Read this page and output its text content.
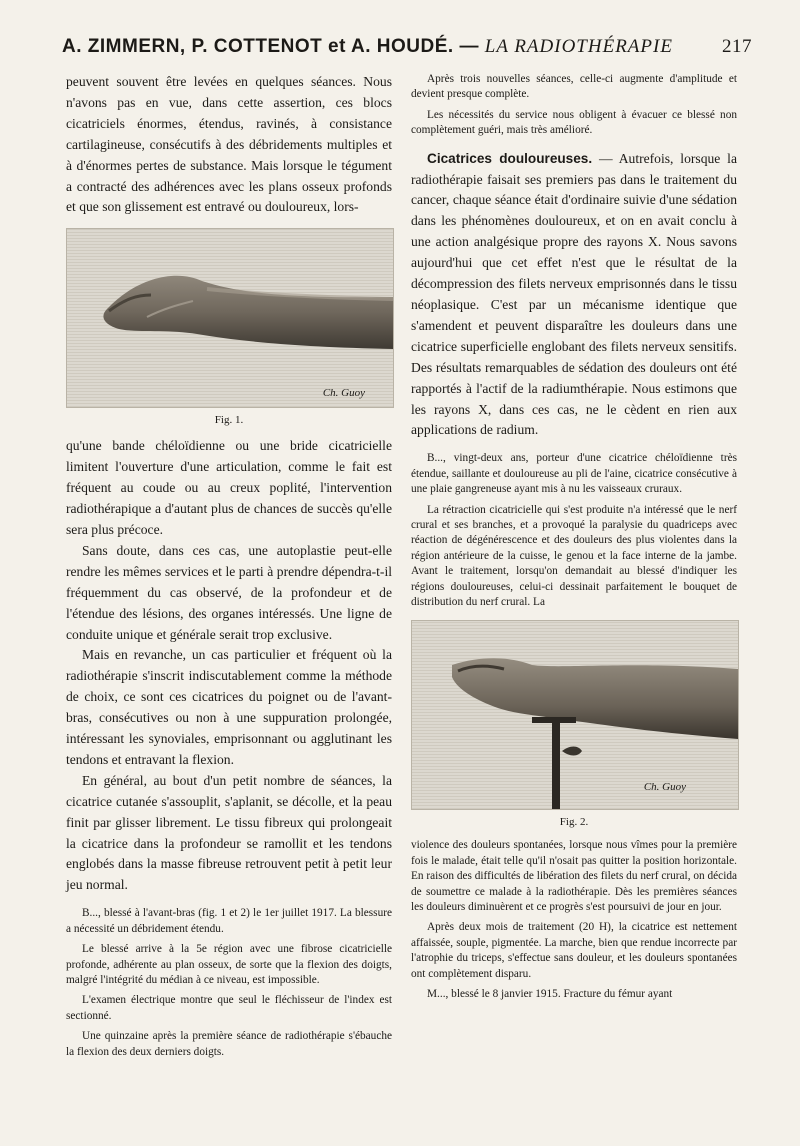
A. ZIMMERN, P. COTTENOT et A. HOUDÉ. — LA RADIOTHÉRAPIE	217

peuvent souvent être levées en quelques séances. Nous n'avons pas en vue, dans cette assertion, ces blocs cicatriciels énormes, étendus, ravinés, à consistance cartilagineuse, consécutifs à des débridements multiples et à d'énormes pertes de substance. Mais lorsque le tégument a contracté des adhérences avec les plans osseux profonds et que son glissement est entravé ou douloureux, lors-

Ch. Guoy
Fig. 1.

qu'une bande chéloïdienne ou une bride cicatricielle limitent l'ouverture d'une articulation, comme le fait est fréquent au coude ou au creux poplité, l'intervention radiothérapique a d'autant plus de chances de succès qu'elle sera plus précoce.

Sans doute, dans ces cas, une autoplastie peut-elle rendre les mêmes services et le parti à prendre dépendra-t-il fréquemment du cas observé, de la profondeur et de l'étendue des lésions, des organes intéressés. Une ligne de conduite unique et générale serait trop exclusive.

Mais en revanche, un cas particulier et fréquent où la radiothérapie s'inscrit indiscutablement comme la méthode de choix, ce sont ces cicatrices du poignet ou de l'avant-bras, consécutives ou non à une suppuration prolongée, intéressant les synoviales, emprisonnant ou agglutinant les tendons et entravant la flexion.

En général, au bout d'un petit nombre de séances, la cicatrice cutanée s'assouplit, s'aplanit, se décolle, et la peau finit par glisser librement. Le tissu fibreux qui prolongeait la cicatrice dans la profondeur se ramollit et les tendons englobés dans la masse fibreuse retrouvent petit à petit leur jeu normal.

B..., blessé à l'avant-bras (fig. 1 et 2) le 1er juillet 1917. La blessure a nécessité un débridement étendu.

Le blessé arrive à la 5e région avec une fibrose cicatricielle profonde, adhérente au plan osseux, de sorte que la flexion des doigts, malgré l'intégrité du médian à ce niveau, est impossible.

L'examen électrique montre que seul le fléchisseur de l'index est sectionné.

Une quinzaine après la première séance de radiothérapie s'ébauche la flexion des deux derniers doigts.

Après trois nouvelles séances, celle-ci augmente d'amplitude et devient presque complète.

Les nécessités du service nous obligent à évacuer ce blessé non complètement guéri, mais très amélioré.

Cicatrices douloureuses. — Autrefois, lorsque la radiothérapie faisait ses premiers pas dans le traitement du cancer, chaque séance était d'ordinaire suivie d'une sédation dans les phénomènes douloureux, et on en avait conclu à une action analgésique propre des rayons X. Nous savons aujourd'hui que cet effet n'est que le résultat de la décompression des filets nerveux emprisonnés dans le tissu néoplasique. C'est par un mécanisme identique que s'amendent et peuvent disparaître les douleurs dans une cicatrice superficielle englobant des filets nerveux sensitifs. Des résultats remarquables de sédation des douleurs ont été rapportés à l'actif de la radiumthérapie. Nous estimons que les rayons X, dans ces cas, ne le cèdent en rien aux applications de radium.

B..., vingt-deux ans, porteur d'une cicatrice chéloïdienne très étendue, saillante et douloureuse au pli de l'aine, cicatrice consécutive à une plaie gangreneuse ayant mis à nu les vaisseaux cruraux.

La rétraction cicatricielle qui s'est produite n'a intéressé que le nerf crural et ses branches, et a provoqué la paralysie du quadriceps avec réaction de dégénérescence et des douleurs des plus violentes dans la région antérieure de la cuisse, le genou et la face interne de la jambe. Avant le traitement, lorsqu'on demandait au blessé d'indiquer les régions douloureuses, celui-ci dessinait parfaitement le bouquet de distribution du nerf crural. La

Ch. Guoy
Fig. 2.

violence des douleurs spontanées, lorsque nous vîmes pour la première fois le malade, était telle qu'il n'osait pas quitter la position horizontale. En raison des difficultés de libération des filets du nerf crural, on décida de soumettre ce malade à la radiothérapie. Dès les premières séances les douleurs diminuèrent et ce progrès s'est poursuivi de jour en jour.

Après deux mois de traitement (20 H), la cicatrice est nettement affaissée, souple, pigmentée. La marche, bien que rendue incorrecte par l'atrophie du triceps, s'effectue sans douleur, et les douleurs spontanées ont complètement disparu.

M..., blessé le 8 janvier 1915. Fracture du fémur ayant
